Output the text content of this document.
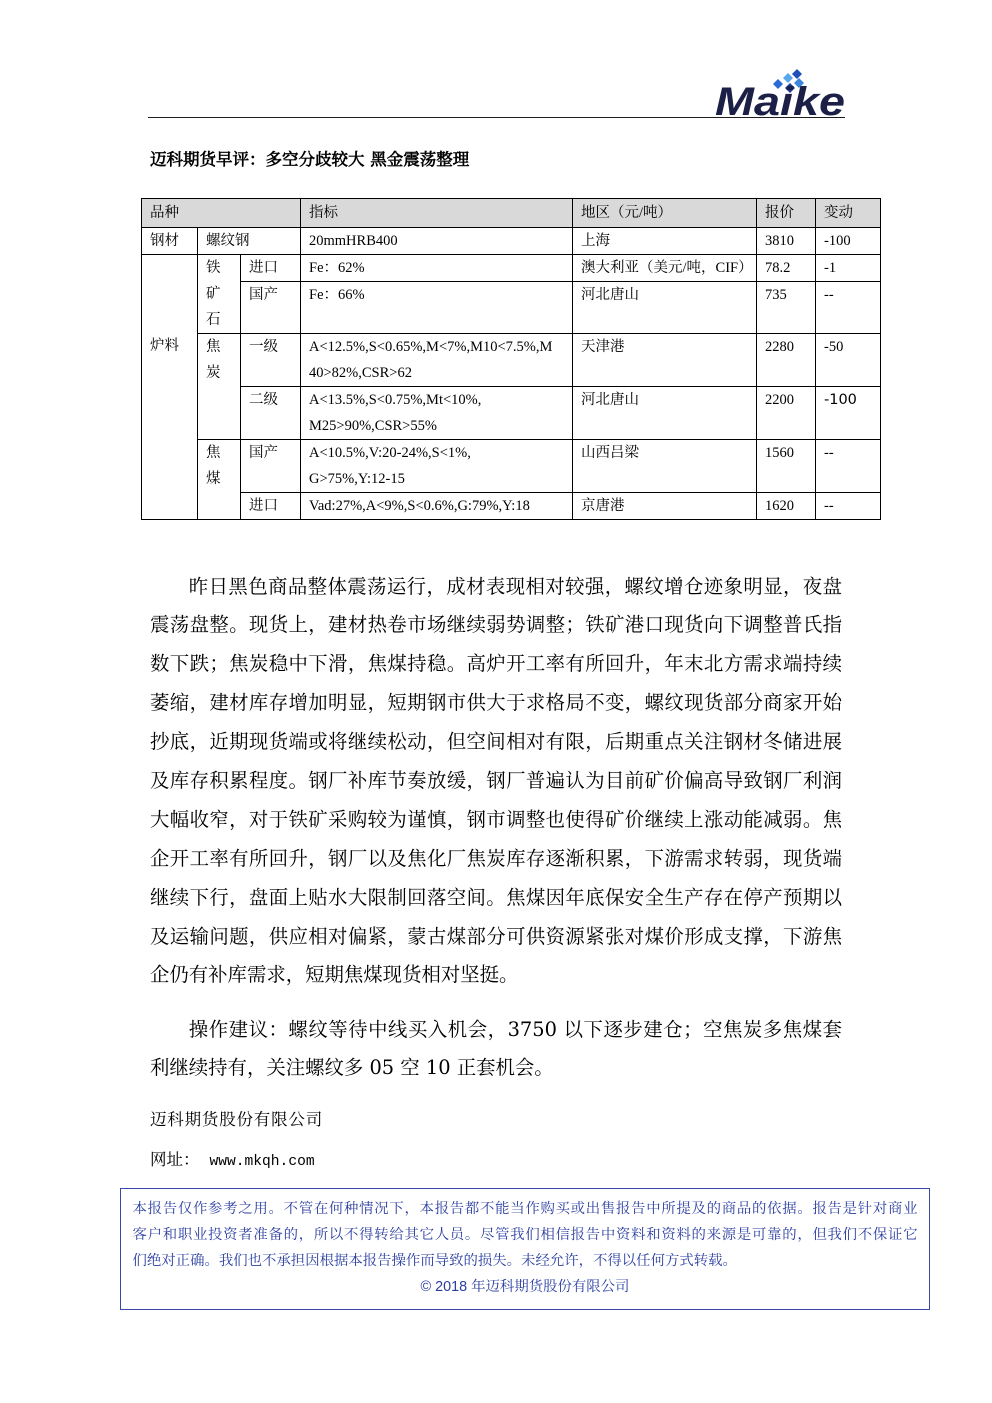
Maike
迈科期货早评：多空分歧较大 黑金震荡整理
品种			指标	地区（元/吨）	报价	变动
钢材	螺纹钢		20mmHRB400	上海	3810	-100
炉料	铁矿石	进口	Fe：62%	澳大利亚（美元/吨，CIF）	78.2	-1
		国产	Fe：66%	河北唐山	735	--

	焦炭	一级	A<12.5%,S<0.65%,M<7%,M10<7.5%,M
40>82%,CSR>62	天津港	2280	-50
		二级	A<13.5%,S<0.75%,Mt<10%,
M25>90%,CSR>55%	河北唐山	2200	-100

	焦煤	国产	A<10.5%,V:20-24%,S<1%,
G>75%,Y:12-15	山西吕梁	1560	--
		进口	Vad:27%,A<9%,S<0.6%,G:79%,Y:18	京唐港	1620	--
昨日黑色商品整体震荡运行，成材表现相对较强，螺纹增仓迹象明显，夜盘
震荡盘整。现货上，建材热卷市场继续弱势调整；铁矿港口现货向下调整普氏指
数下跌；焦炭稳中下滑，焦煤持稳。高炉开工率有所回升，年末北方需求端持续
萎缩，建材库存增加明显，短期钢市供大于求格局不变，螺纹现货部分商家开始
抄底，近期现货端或将继续松动，但空间相对有限，后期重点关注钢材冬储进展
及库存积累程度。钢厂补库节奏放缓，钢厂普遍认为目前矿价偏高导致钢厂利润
大幅收窄，对于铁矿采购较为谨慎，钢市调整也使得矿价继续上涨动能减弱。焦
企开工率有所回升，钢厂以及焦化厂焦炭库存逐渐积累，下游需求转弱，现货端
继续下行，盘面上贴水大限制回落空间。焦煤因年底保安全生产存在停产预期以
及运输问题，供应相对偏紧，蒙古煤部分可供资源紧张对煤价形成支撑，下游焦
企仍有补库需求，短期焦煤现货相对坚挺。
操作建议：螺纹等待中线买入机会，3750 以下逐步建仓；空焦炭多焦煤套
利继续持有，关注螺纹多 05 空 10 正套机会。
迈科期货股份有限公司
网址： www.mkqh.com
本报告仅作参考之用。不管在何种情况下，本报告都不能当作购买或出售报告中所提及的商品的依据。报告是针对商业
客户和职业投资者准备的，所以不得转给其它人员。尽管我们相信报告中资料和资料的来源是可靠的，但我们不保证它
们绝对正确。我们也不承担因根据本报告操作而导致的损失。未经允许，不得以任何方式转载。
© 2018 年迈科期货股份有限公司
